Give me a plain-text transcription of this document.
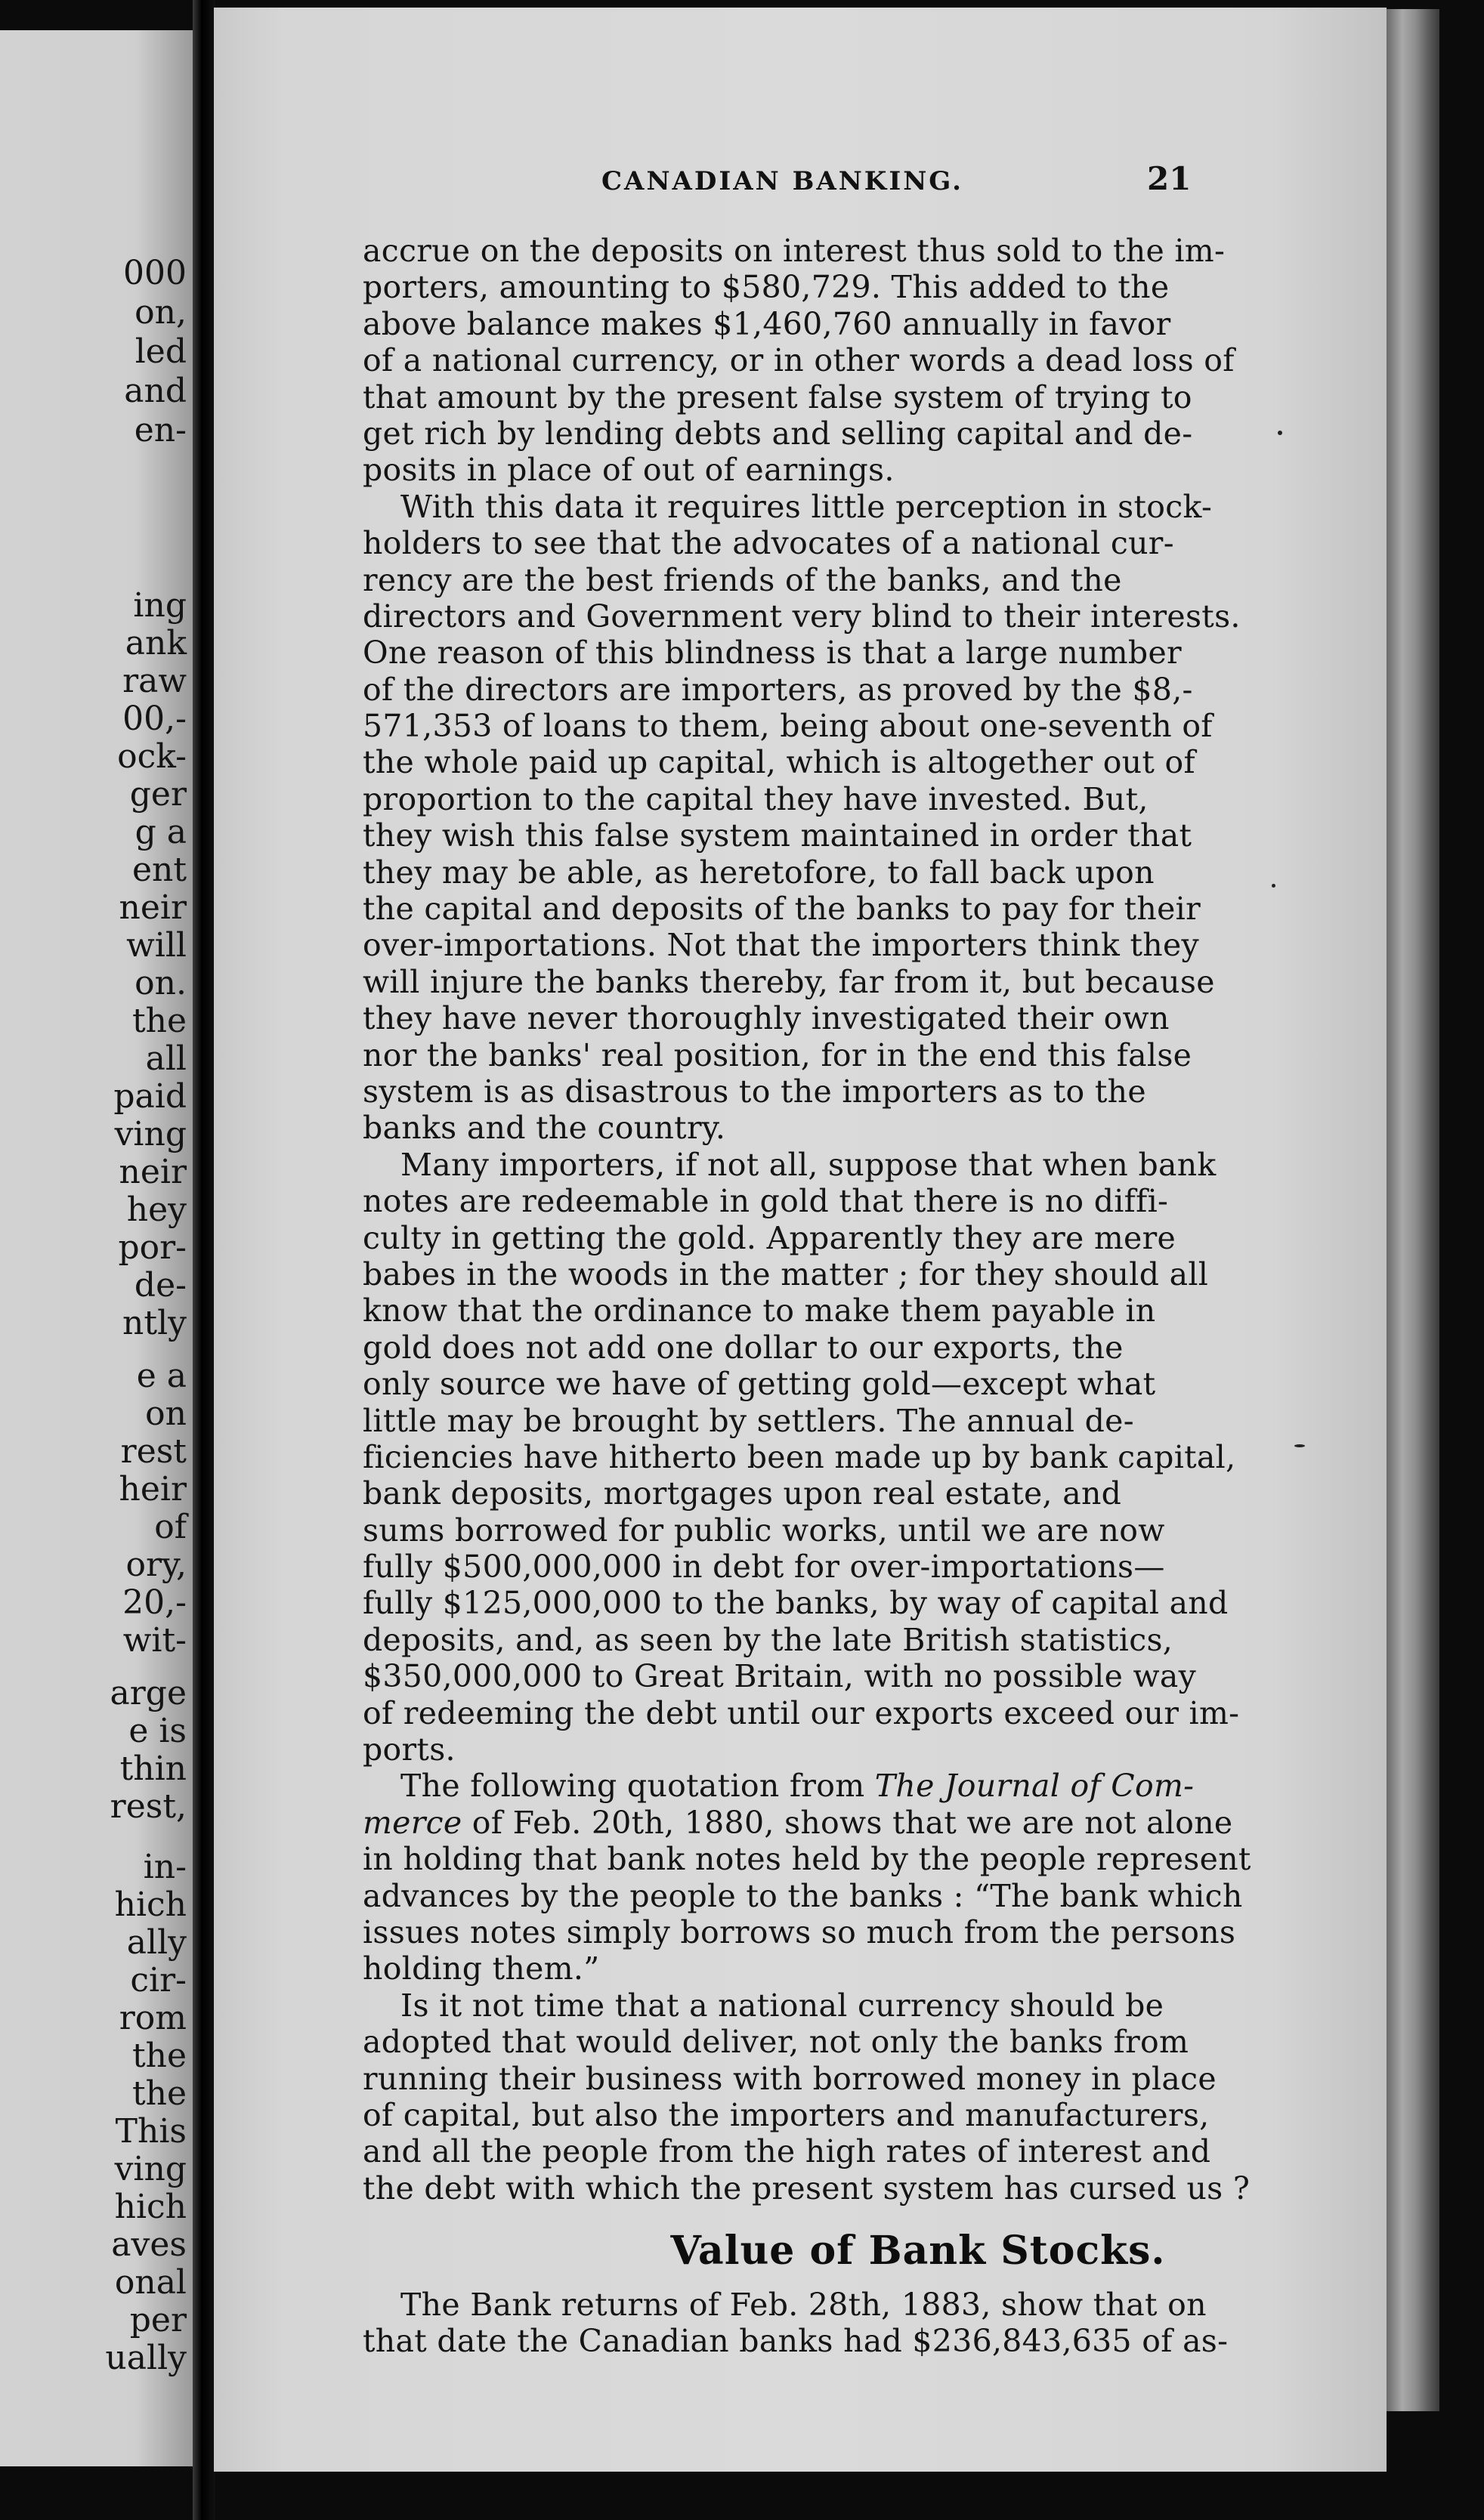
000

on,

led

and

en-

ing

ank

raw

00,-

ock-

ger

g a

ent

neir

will

on.

the

all

paid

ving

neir

hey

por-

de-

ntly

e a

on

rest

heir

of

ory,

20,-

wit-

arge

e is

thin

rest,

in-

hich

ally

cir-

rom

the

the

This

ving

hich

aves

onal

per

ually

CANADIAN BANKING.	21

accrue on the deposits on interest thus sold to the im-

porters, amounting to $580,729. This added to the

above balance makes $1,460,760 annually in favor

of a national currency, or in other words a dead loss of

that amount by the present false system of trying to

get rich by lending debts and selling capital and de-

posits in place of out of earnings.

With this data it requires little perception in stock-

holders to see that the advocates of a national cur-

rency are the best friends of the banks, and the

directors and Government very blind to their interests.

One reason of this blindness is that a large number

of the directors are importers, as proved by the $8,-

571,353 of loans to them, being about one-seventh of

the whole paid up capital, which is altogether out of

proportion to the capital they have invested. But,

they wish this false system maintained in order that

they may be able, as heretofore, to fall back upon

the capital and deposits of the banks to pay for their

over-importations. Not that the importers think they

will injure the banks thereby, far from it, but because

they have never thoroughly investigated their own

nor the banks' real position, for in the end this false

system is as disastrous to the importers as to the

banks and the country.

Many importers, if not all, suppose that when bank

notes are redeemable in gold that there is no diffi-

culty in getting the gold. Apparently they are mere

babes in the woods in the matter ; for they should all

know that the ordinance to make them payable in

gold does not add one dollar to our exports, the

only source we have of getting gold—except what

little may be brought by settlers. The annual de-

ficiencies have hitherto been made up by bank capital,

bank deposits, mortgages upon real estate, and

sums borrowed for public works, until we are now

fully $500,000,000 in debt for over-importations—

fully $125,000,000 to the banks, by way of capital and

deposits, and, as seen by the late British statistics,

$350,000,000 to Great Britain, with no possible way

of redeeming the debt until our exports exceed our im-

ports.

The following quotation from The Journal of Com-

merce of Feb. 20th, 1880, shows that we are not alone

in holding that bank notes held by the people represent

advances by the people to the banks : “The bank which

issues notes simply borrows so much from the persons

holding them.”

Is it not time that a national currency should be

adopted that would deliver, not only the banks from

running their business with borrowed money in place

of capital, but also the importers and manufacturers,

and all the people from the high rates of interest and

the debt with which the present system has cursed us ?

Value of Bank Stocks.

The Bank returns of Feb. 28th, 1883, show that on

that date the Canadian banks had $236,843,635 of as-
